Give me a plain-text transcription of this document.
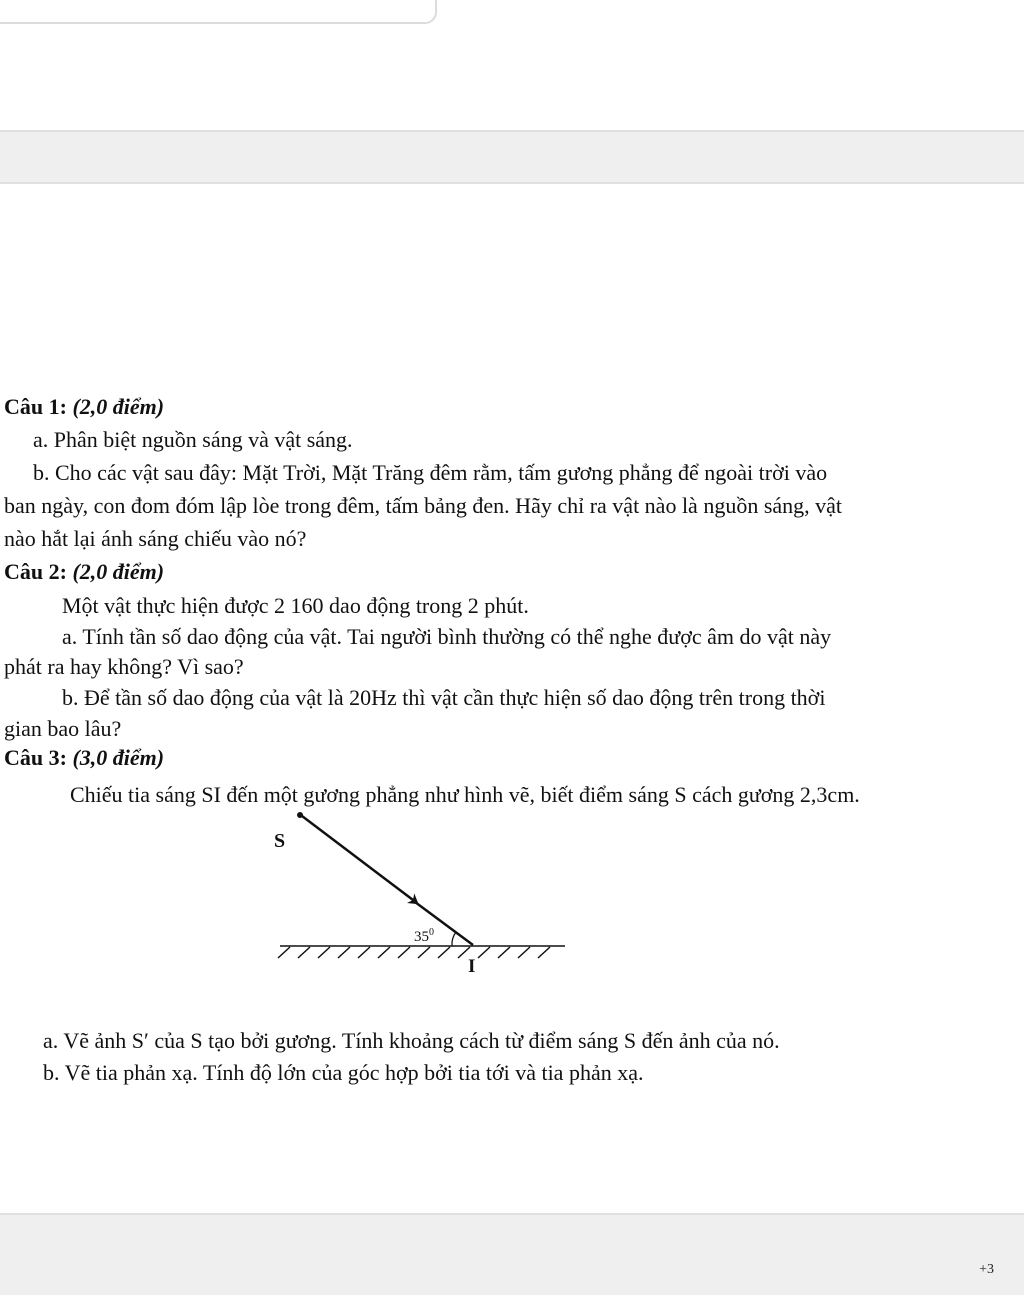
Câu 1: (2,0 điểm)
a. Phân biệt nguồn sáng và vật sáng.
b. Cho các vật sau đây: Mặt Trời, Mặt Trăng đêm rằm, tấm gương phẳng để ngoài trời vào
ban ngày, con đom đóm lập lòe trong đêm, tấm bảng đen. Hãy chỉ ra vật nào là nguồn sáng, vật
nào hắt lại ánh sáng chiếu vào nó?
Câu 2: (2,0 điểm)
Một vật thực hiện được 2 160 dao động trong 2 phút.
a. Tính tần số dao động của vật. Tai người bình thường có thể nghe được âm do vật này
phát ra hay không? Vì sao?
b. Để tần số dao động của vật là 20Hz thì vật cần thực hiện số dao động trên trong thời
gian bao lâu?
Câu 3: (3,0 điểm)
Chiếu tia sáng SI đến một gương phẳng như hình vẽ, biết điểm sáng S cách gương 2,3cm.
S
$35^0$
I
a. Vẽ ảnh S′ của S tạo bởi gương. Tính khoảng cách từ điểm sáng S đến ảnh của nó.
b. Vẽ tia phản xạ. Tính độ lớn của góc hợp bởi tia tới và tia phản xạ.
+3
